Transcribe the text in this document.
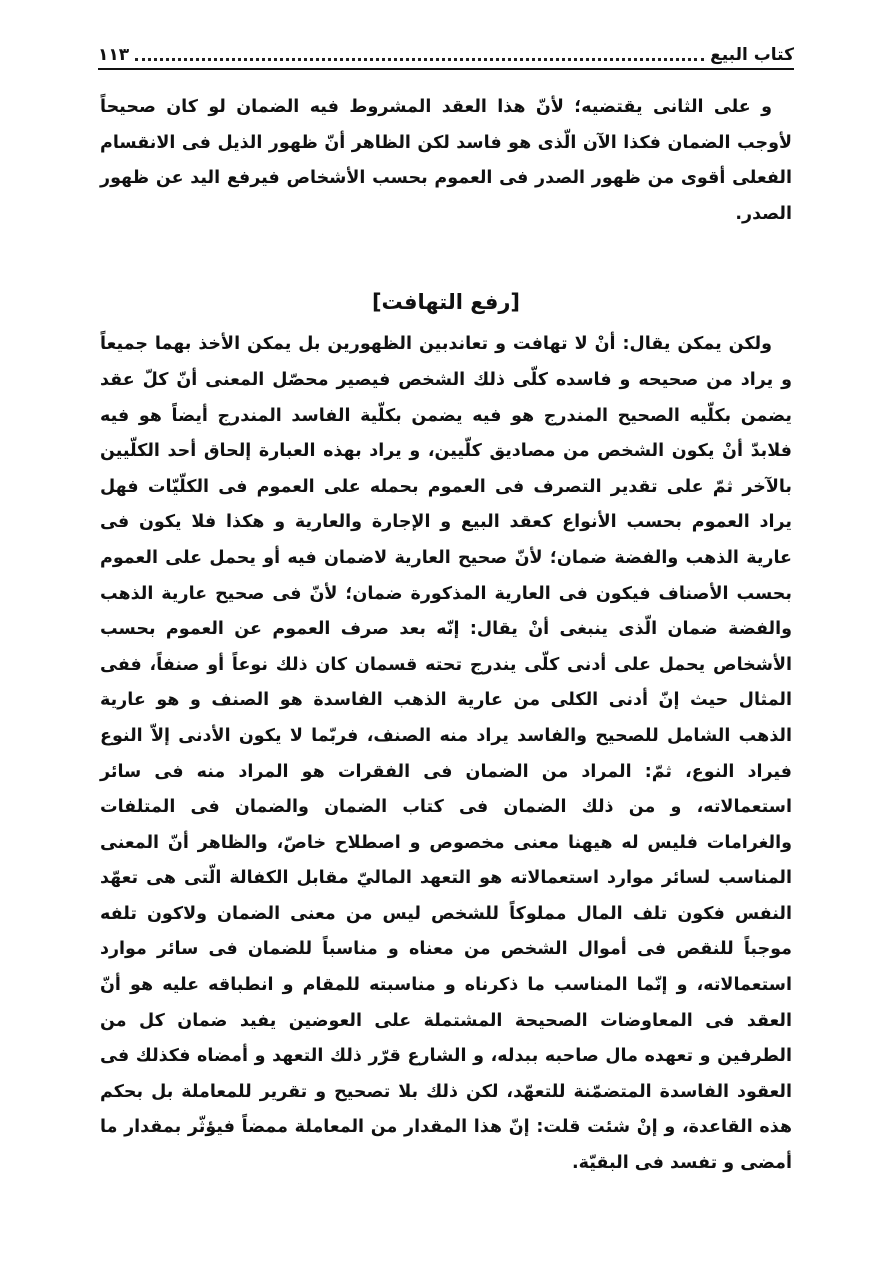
كتاب البيع
١١٣

و على الثانى يقتضيه؛ لأنّ هذا العقد المشروط فيه الضمان لو كان صحيحاً لأوجب الضمان فكذا الآن الّذى هو فاسد لكن الظاهر أنّ ظهور الذيل فى الانقسام الفعلى أقوى من ظهور الصدر فى العموم بحسب الأشخاص فيرفع اليد عن ظهور الصدر.

[رفع التهافت]

ولكن يمكن يقال: أنْ لا تهافت و تعاندبين الظهورين بل يمكن الأخذ بهما جميعاً و يراد من صحيحه و فاسده كلّى ذلك الشخص فيصير محصّل المعنى أنّ كلّ عقد يضمن بكلّيه الصحيح المندرج هو فيه يضمن بكلّية الفاسد المندرج أيضاً هو فيه فلابدّ أنْ يكون الشخص من مصاديق كلّيين، و يراد بهذه العبارة إلحاق أحد الكلّيين بالآخر ثمّ على تقدير التصرف فى العموم بحمله على العموم فى الكلّيّات فهل يراد العموم بحسب الأنواع كعقد البيع و الإجارة والعارية و هكذا فلا يكون فى عارية الذهب والفضة ضمان؛ لأنّ صحيح العارية لاضمان فيه أو يحمل على العموم بحسب الأصناف فيكون فى العارية المذكورة ضمان؛ لأنّ فى صحيح عارية الذهب والفضة ضمان الّذى ينبغى أنْ يقال: إنّه بعد صرف العموم عن العموم بحسب الأشخاص يحمل على أدنى كلّى يندرج تحته قسمان كان ذلك نوعاً أو صنفاً، ففى المثال حيث إنّ أدنى الكلى من عارية الذهب الفاسدة هو الصنف و هو عارية الذهب الشامل للصحيح والفاسد يراد منه الصنف، فربّما لا يكون الأدنى إلاّ النوع فيراد النوع، ثمّ: المراد من الضمان فى الفقرات هو المراد منه فى سائر استعمالاته، و من ذلك الضمان فى كتاب الضمان والضمان فى المتلفات والغرامات فليس له هيهنا معنى مخصوص و اصطلاح خاصّ، والظاهر أنّ المعنى المناسب لسائر موارد استعمالاته هو التعهد الماليّ مقابل الكفالة الّتى هى تعهّد النفس فكون تلف المال مملوكاً للشخص ليس من معنى الضمان ولاكون تلفه موجباً للنقص فى أموال الشخص من معناه و مناسباً للضمان فى سائر موارد استعمالاته، و إنّما المناسب ما ذكرناه و مناسبته للمقام و انطباقه عليه هو أنّ العقد فى المعاوضات الصحيحة المشتملة على العوضين يفيد ضمان كل من الطرفين و تعهده مال صاحبه ببدله، و الشارع قرّر ذلك التعهد و أمضاه فكذلك فى العقود الفاسدة المتضمّنة للتعهّد، لكن ذلك بلا تصحيح و تقرير للمعاملة بل بحكم هذه القاعدة، و إنْ شئت قلت: إنّ هذا المقدار من المعاملة ممضاً فيؤثّر بمقدار ما أمضى و تفسد فى البقيّة.
